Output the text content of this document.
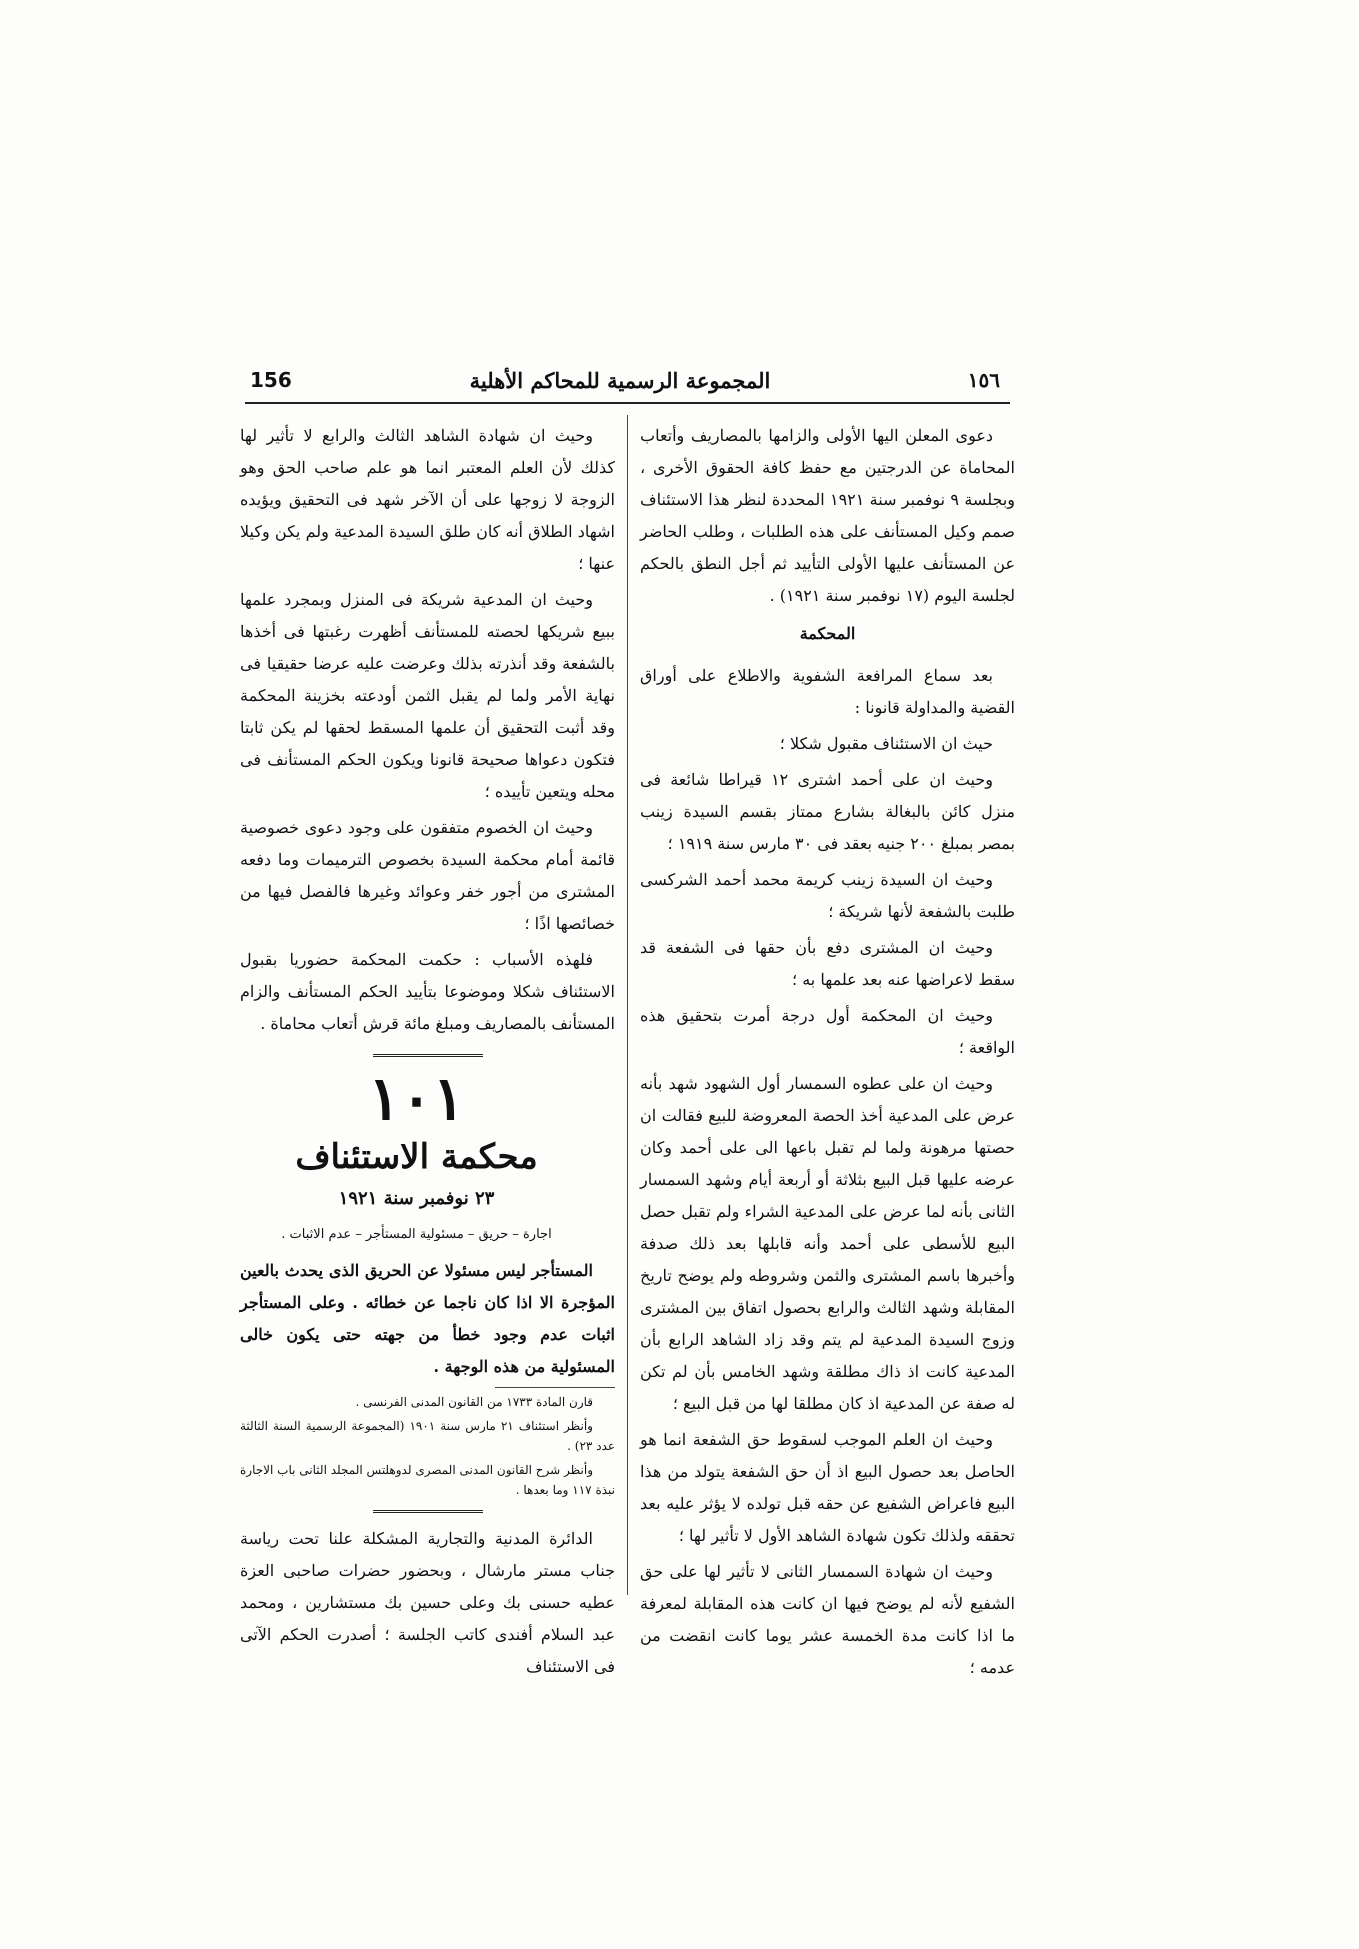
156	المجموعة الرسمية للمحاكم الأهلية	١٥٦

دعوى المعلن اليها الأولى والزامها بالمصاريف وأتعاب المحاماة عن الدرجتين مع حفظ كافة الحقوق الأخرى ، وبجلسة ٩ نوفمبر سنة ١٩٢١ المحددة لنظر هذا الاستئناف صمم وكيل المستأنف على هذه الطلبات ، وطلب الحاضر عن المستأنف عليها الأولى التأييد ثم أجل النطق بالحكم لجلسة اليوم (١٧ نوفمبر سنة ١٩٢١) .

المحكمة

بعد سماع المرافعة الشفوية والاطلاع على أوراق القضية والمداولة قانونا :

حيث ان الاستئناف مقبول شكلا ؛

وحيث ان على أحمد اشترى ١٢ قيراطا شائعة فى منزل كائن بالبغالة بشارع ممتاز بقسم السيدة زينب بمصر بمبلغ ٢٠٠ جنيه بعقد فى ٣٠ مارس سنة ١٩١٩ ؛

وحيث ان السيدة زينب كريمة محمد أحمد الشركسى طلبت بالشفعة لأنها شريكة ؛

وحيث ان المشترى دفع بأن حقها فى الشفعة قد سقط لاعراضها عنه بعد علمها به ؛

وحيث ان المحكمة أول درجة أمرت بتحقيق هذه الواقعة ؛

وحيث ان على عطوه السمسار أول الشهود شهد بأنه عرض على المدعية أخذ الحصة المعروضة للبيع فقالت ان حصتها مرهونة ولما لم تقبل باعها الى على أحمد وكان عرضه عليها قبل البيع بثلاثة أو أربعة أيام وشهد السمسار الثانى بأنه لما عرض على المدعية الشراء ولم تقبل حصل البيع للأسطى على أحمد وأنه قابلها بعد ذلك صدفة وأخبرها باسم المشترى والثمن وشروطه ولم يوضح تاريخ المقابلة وشهد الثالث والرابع بحصول اتفاق بين المشترى وزوج السيدة المدعية لم يتم وقد زاد الشاهد الرابع بأن المدعية كانت اذ ذاك مطلقة وشهد الخامس بأن لم تكن له صفة عن المدعية اذ كان مطلقا لها من قبل البيع ؛

وحيث ان العلم الموجب لسقوط حق الشفعة انما هو الحاصل بعد حصول البيع اذ أن حق الشفعة يتولد من هذا البيع فاعراض الشفيع عن حقه قبل تولده لا يؤثر عليه بعد تحققه ولذلك تكون شهادة الشاهد الأول لا تأثير لها ؛

وحيث ان شهادة السمسار الثانى لا تأثير لها على حق الشفيع لأنه لم يوضح فيها ان كانت هذه المقابلة لمعرفة ما اذا كانت مدة الخمسة عشر يوما كانت انقضت من عدمه ؛

وحيث ان شهادة الشاهد الثالث والرابع لا تأثير لها كذلك لأن العلم المعتبر انما هو علم صاحب الحق وهو الزوجة لا زوجها على أن الآخر شهد فى التحقيق ويؤيده اشهاد الطلاق أنه كان طلق السيدة المدعية ولم يكن وكيلا عنها ؛

وحيث ان المدعية شريكة فى المنزل وبمجرد علمها ببيع شريكها لحصته للمستأنف أظهرت رغبتها فى أخذها بالشفعة وقد أنذرته بذلك وعرضت عليه عرضا حقيقيا فى نهاية الأمر ولما لم يقبل الثمن أودعته بخزينة المحكمة وقد أثبت التحقيق أن علمها المسقط لحقها لم يكن ثابتا فتكون دعواها صحيحة قانونا ويكون الحكم المستأنف فى محله ويتعين تأييده ؛

وحيث ان الخصوم متفقون على وجود دعوى خصوصية قائمة أمام محكمة السيدة بخصوص الترميمات وما دفعه المشترى من أجور خفر وعوائد وغيرها فالفصل فيها من خصائصها اذًا ؛

فلهذه الأسباب : حكمت المحكمة حضوريا بقبول الاستئناف شكلا وموضوعا بتأييد الحكم المستأنف والزام المستأنف بالمصاريف ومبلغ مائة قرش أتعاب محاماة .

١٠١

محكمة الاستئناف

٢٣ نوفمبر سنة ١٩٢١

اجارة – حريق – مسئولية المستأجر – عدم الاثبات .

المستأجر ليس مسئولا عن الحريق الذى يحدث بالعين المؤجرة الا اذا كان ناجما عن خطائه . وعلى المستأجر اثبات عدم وجود خطأ من جهته حتى يكون خالى المسئولية من هذه الوجهة .

قارن المادة ١٧٣٣ من القانون المدنى الفرنسى .

وأنظر استئناف ٢١ مارس سنة ١٩٠١ (المجموعة الرسمية السنة الثالثة عدد ٢٣) .

وأنظر شرح القانون المدنى المصرى لدوهلتس المجلد الثانى باب الاجارة نبذة ١١٧ وما بعدها .

الدائرة المدنية والتجارية المشكلة علنا تحت رياسة جناب مستر مارشال ، وبحضور حضرات صاحبى العزة عطيه حسنى بك وعلى حسين بك مستشارين ، ومحمد عبد السلام أفندى كاتب الجلسة ؛ أصدرت الحكم الآتى فى الاستئناف
